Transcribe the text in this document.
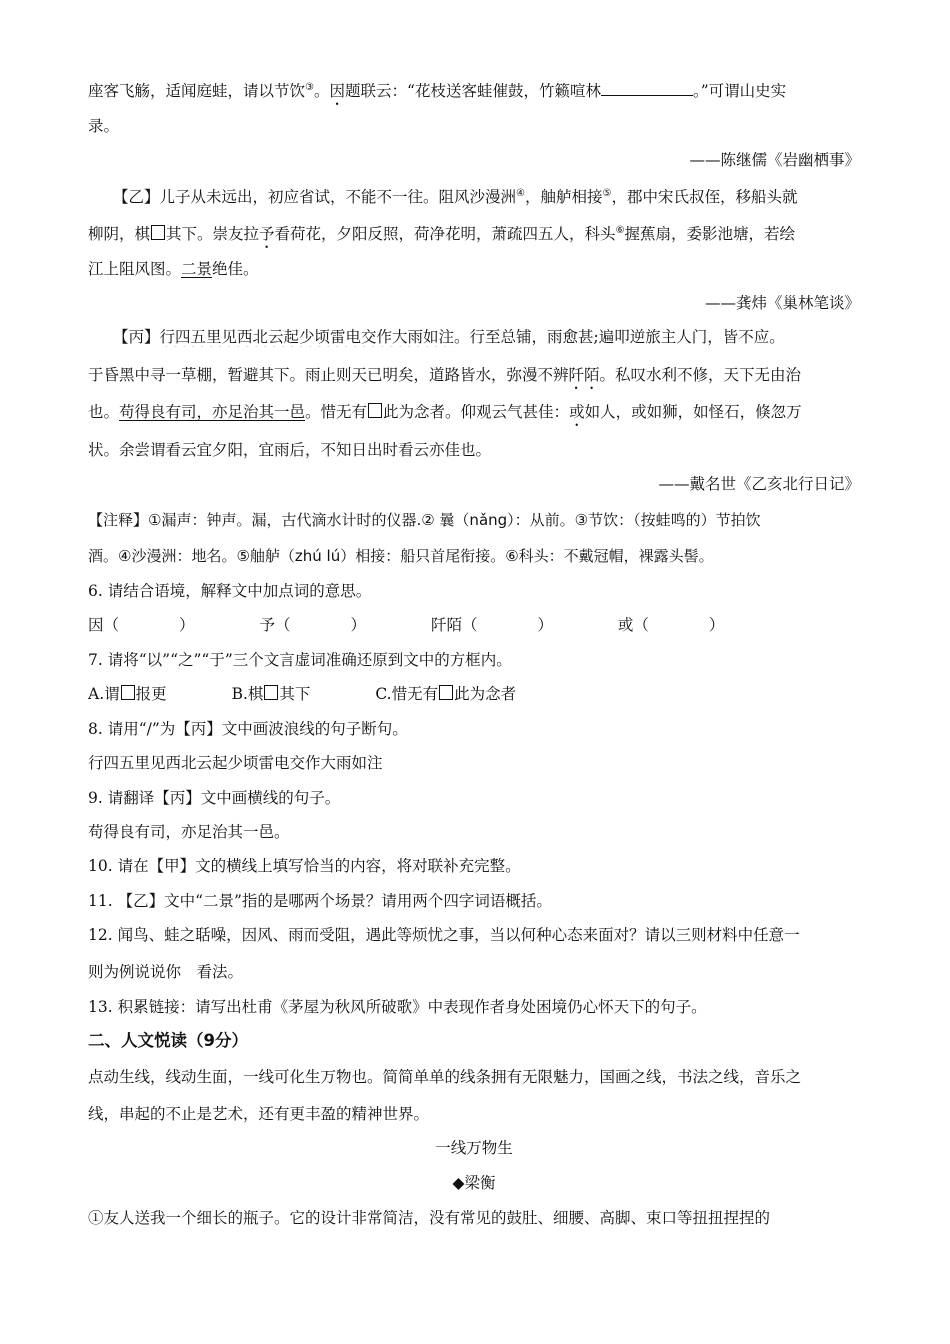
座客飞觞，适闻庭蛙，请以节饮③。因题联云：“花枝送客蛙催鼓，竹籁喧林	。”可谓山史实
录。
——陈继儒《岩幽栖事》
【乙】儿子从未远出，初应省试，不能不一往。阻风沙漫洲④，舳舻相接⑤，郡中宋氏叔侄，移船头就
柳阴，棋 其下。崇友拉予看荷花，夕阳反照，荷净花明，萧疏四五人，科头⑥握蕉扇，委影池塘，若绘
江上阻风图。二景绝佳。
——龚炜《巢林笔谈》
【丙】行四五里见西北云起少顷雷电交作大雨如注。行至总铺，雨愈甚;遍叩逆旅主人门，皆不应。
于昏黑中寻一草棚，暂避其下。雨止则天已明矣，道路皆水，弥漫不辨阡陌。私叹水利不修，天下无由治
也。苟得良有司，亦足治其一邑。惜无有 此为念者。仰观云气甚佳：或如人，或如狮，如怪石，倏忽万
状。余尝谓看云宜夕阳，宜雨后，不知日出时看云亦佳也。
——戴名世《乙亥北行日记》
【注释】①漏声：钟声。漏，古代滴水计时的仪器.② 曩（nǎng）：从前。③节饮：（按蛙鸣的）节拍饮
酒。④沙漫洲：地名。⑤舳舻（zhú lú）相接：船只首尾衔接。⑥科头：不戴冠帽，裸露头髻。
6. 请结合语境，解释文中加点词的意思。
因（	）	予（	）	阡陌（	）	或（	）
7. 请将“以”“之”“于”三个文言虚词准确还原到文中的方框内。
A.谓 报更	B.棋 其下	C.惜无有 此为念者
8. 请用“/”为【丙】文中画波浪线的句子断句。
行四五里见西北云起少顷雷电交作大雨如注
9. 请翻译【丙】文中画横线的句子。
苟得良有司，亦足治其一邑。
10. 请在【甲】文的横线上填写恰当的内容，将对联补充完整。
11. 【乙】文中“二景”指的是哪两个场景？请用两个四字词语概括。
12. 闻鸟、蛙之聒噪，因风、雨而受阻，遇此等烦忧之事，当以何种心态来面对？请以三则材料中任意一
则为例说说你　看法。
13. 积累链接：请写出杜甫《茅屋为秋风所破歌》中表现作者身处困境仍心怀天下的句子。
二、人文悦读（9分）
点动生线，线动生面，一线可化生万物也。简简单单的线条拥有无限魅力，国画之线，书法之线，音乐之
线，串起的不止是艺术，还有更丰盈的精神世界。
一线万物生
◆梁衡
①友人送我一个细长的瓶子。它的设计非常简洁，没有常见的鼓肚、细腰、高脚、束口等扭扭捏捏的
